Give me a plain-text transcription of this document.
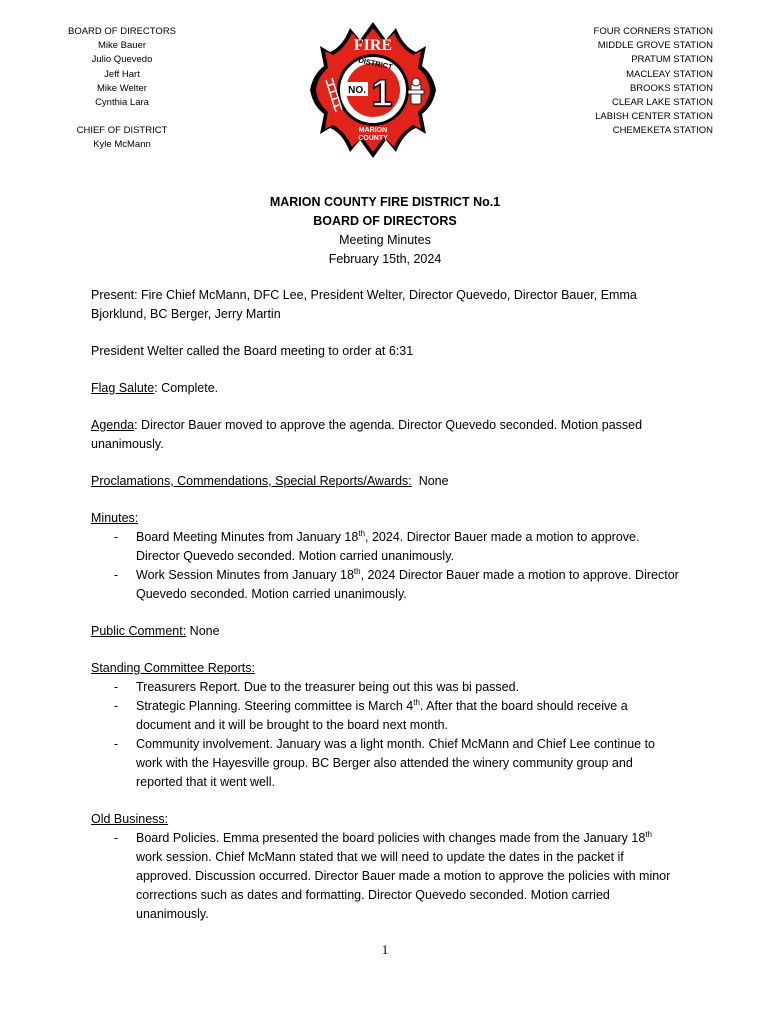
BOARD OF DIRECTORS
Mike Bauer
Julio Quevedo
Jeff Hart
Mike Welter
Cynthia Lara
CHIEF OF DISTRICT
Kyle McMann
FIRE
DISTRICT
NO. 1
MARION
COUNTY
FOUR CORNERS STATION
MIDDLE GROVE STATION
PRATUM STATION
MACLEAY STATION
BROOKS STATION
CLEAR LAKE STATION
LABISH CENTER STATION
CHEMEKETA STATION
MARION COUNTY FIRE DISTRICT No.1
BOARD OF DIRECTORS
Meeting Minutes
February 15th, 2024

Present: Fire Chief McMann, DFC Lee, President Welter, Director Quevedo, Director Bauer, Emma Bjorklund, BC Berger, Jerry Martin

President Welter called the Board meeting to order at 6:31

Flag Salute: Complete.

Agenda: Director Bauer moved to approve the agenda. Director Quevedo seconded. Motion passed unanimously.

Proclamations, Commendations, Special Reports/Awards:  None

Minutes:
- Board Meeting Minutes from January 18th, 2024. Director Bauer made a motion to approve. Director Quevedo seconded. Motion carried unanimously.
- Work Session Minutes from January 18th, 2024 Director Bauer made a motion to approve. Director Quevedo seconded. Motion carried unanimously.

Public Comment: None

Standing Committee Reports:
- Treasurers Report. Due to the treasurer being out this was bi passed.
- Strategic Planning. Steering committee is March 4th. After that the board should receive a document and it will be brought to the board next month.
- Community involvement. January was a light month. Chief McMann and Chief Lee continue to work with the Hayesville group. BC Berger also attended the winery community group and reported that it went well.
Old Business:
- Board Policies. Emma presented the board policies with changes made from the January 18th work session. Chief McMann stated that we will need to update the dates in the packet if approved. Discussion occurred. Director Bauer made a motion to approve the policies with minor corrections such as dates and formatting. Director Quevedo seconded. Motion carried unanimously.
1
